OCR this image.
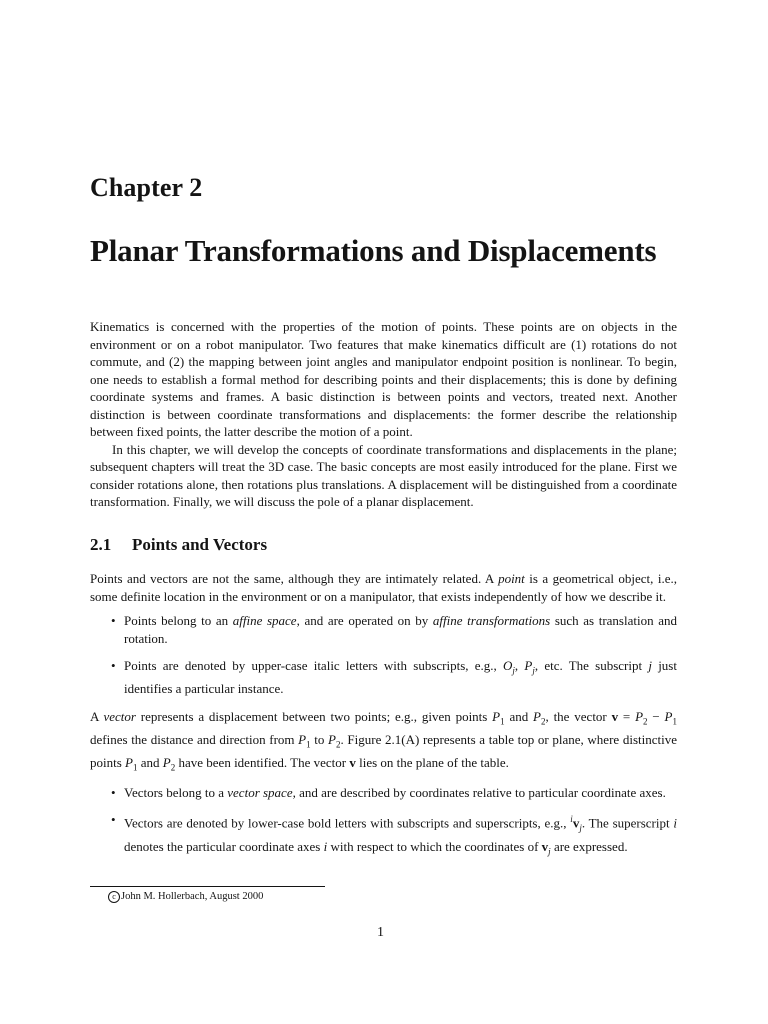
Chapter 2
Planar Transformations and Displacements

Kinematics is concerned with the properties of the motion of points. These points are on objects in the environment or on a robot manipulator. Two features that make kinematics difficult are (1) rotations do not commute, and (2) the mapping between joint angles and manipulator endpoint position is nonlinear. To begin, one needs to establish a formal method for describing points and their displacements; this is done by defining coordinate systems and frames. A basic distinction is between points and vectors, treated next. Another distinction is between coordinate transformations and displacements: the former describe the relationship between fixed points, the latter describe the motion of a point.

In this chapter, we will develop the concepts of coordinate transformations and displacements in the plane; subsequent chapters will treat the 3D case. The basic concepts are most easily introduced for the plane. First we consider rotations alone, then rotations plus translations. A displacement will be distinguished from a coordinate transformation. Finally, we will discuss the pole of a planar displacement.

2.1 Points and Vectors

Points and vectors are not the same, although they are intimately related. A point is a geometrical object, i.e., some definite location in the environment or on a manipulator, that exists independently of how we describe it.

• Points belong to an affine space, and are operated on by affine transformations such as translation and rotation.
• Points are denoted by upper-case italic letters with subscripts, e.g., $O_j$, $P_j$, etc. The subscript j just identifies a particular instance.

A vector represents a displacement between two points; e.g., given points $P_1$ and $P_2$, the vector $v = P_2 - P_1$ defines the distance and direction from $P_1$ to $P_2$. Figure 2.1(A) represents a table top or plane, where distinctive points $P_1$ and $P_2$ have been identified. The vector v lies on the plane of the table.

• Vectors belong to a vector space, and are described by coordinates relative to particular coordinate axes.
• Vectors are denoted by lower-case bold letters with subscripts and superscripts, e.g., $^iv_j$. The superscript i denotes the particular coordinate axes i with respect to which the coordinates of $v_j$ are expressed.
c John M. Hollerbach, August 2000
1
